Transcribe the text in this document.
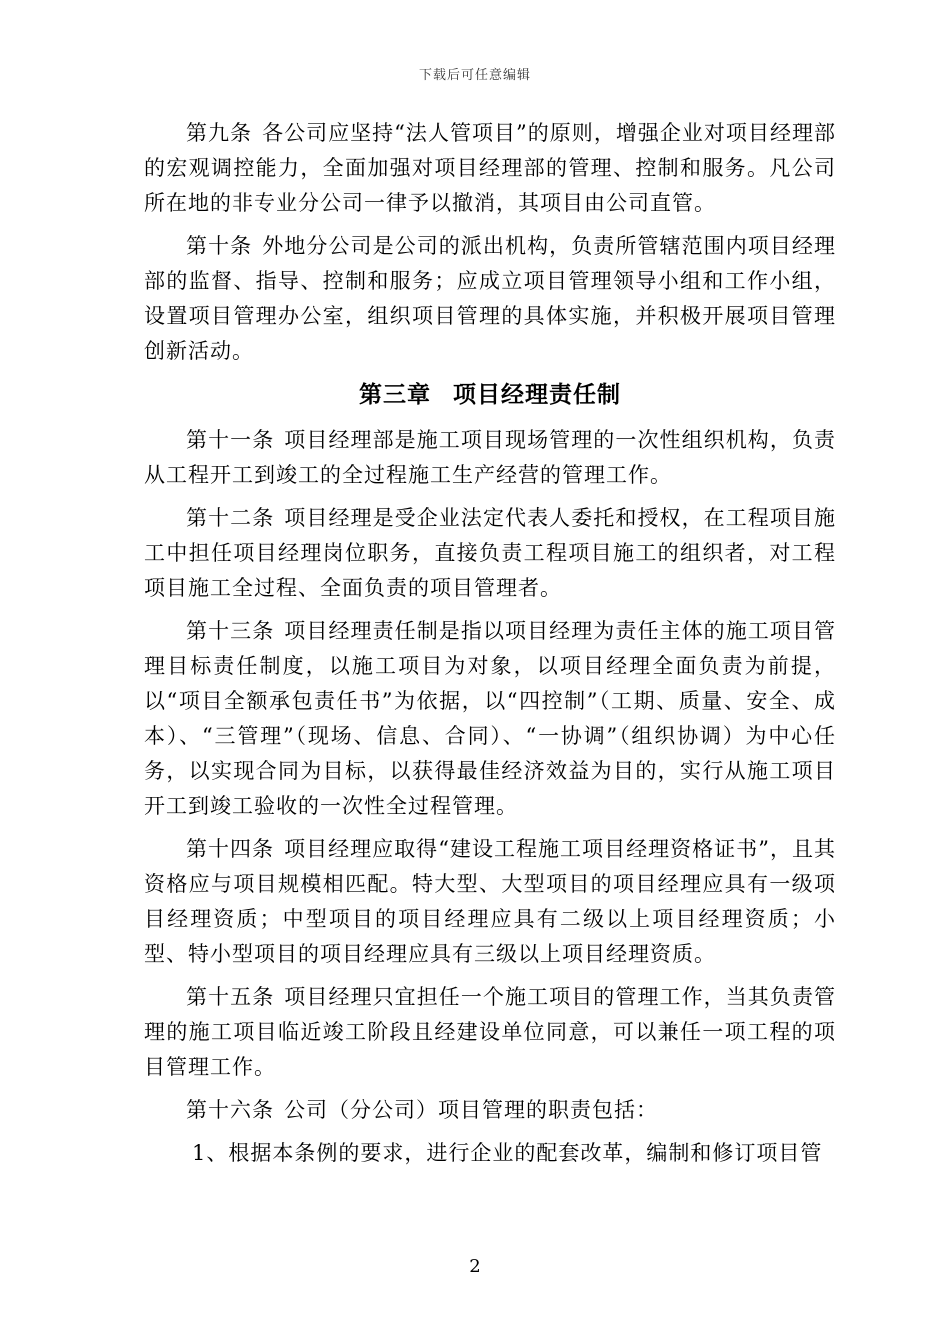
下载后可任意编辑

第九条 各公司应坚持“法人管项目”的原则，增强企业对项目经理部的宏观调控能力，全面加强对项目经理部的管理、控制和服务。凡公司所在地的非专业分公司一律予以撤消，其项目由公司直管。

第十条 外地分公司是公司的派出机构，负责所管辖范围内项目经理部的监督、指导、控制和服务；应成立项目管理领导小组和工作小组，设置项目管理办公室，组织项目管理的具体实施，并积极开展项目管理创新活动。

第三章 项目经理责任制

第十一条 项目经理部是施工项目现场管理的一次性组织机构，负责从工程开工到竣工的全过程施工生产经营的管理工作。

第十二条 项目经理是受企业法定代表人委托和授权，在工程项目施工中担任项目经理岗位职务，直接负责工程项目施工的组织者，对工程项目施工全过程、全面负责的项目管理者。

第十三条 项目经理责任制是指以项目经理为责任主体的施工项目管理目标责任制度，以施工项目为对象，以项目经理全面负责为前提，以“项目全额承包责任书”为依据，以“四控制”（工期、质量、安全、成本）、“三管理”（现场、信息、合同）、“一协调”（组织协调）为中心任务，以实现合同为目标，以获得最佳经济效益为目的，实行从施工项目开工到竣工验收的一次性全过程管理。

第十四条 项目经理应取得“建设工程施工项目经理资格证书”，且其资格应与项目规模相匹配。特大型、大型项目的项目经理应具有一级项目经理资质；中型项目的项目经理应具有二级以上项目经理资质；小型、特小型项目的项目经理应具有三级以上项目经理资质。

第十五条 项目经理只宜担任一个施工项目的管理工作，当其负责管理的施工项目临近竣工阶段且经建设单位同意，可以兼任一项工程的项目管理工作。

第十六条 公司（分公司）项目管理的职责包括：

1、根据本条例的要求，进行企业的配套改革，编制和修订项目管

2
